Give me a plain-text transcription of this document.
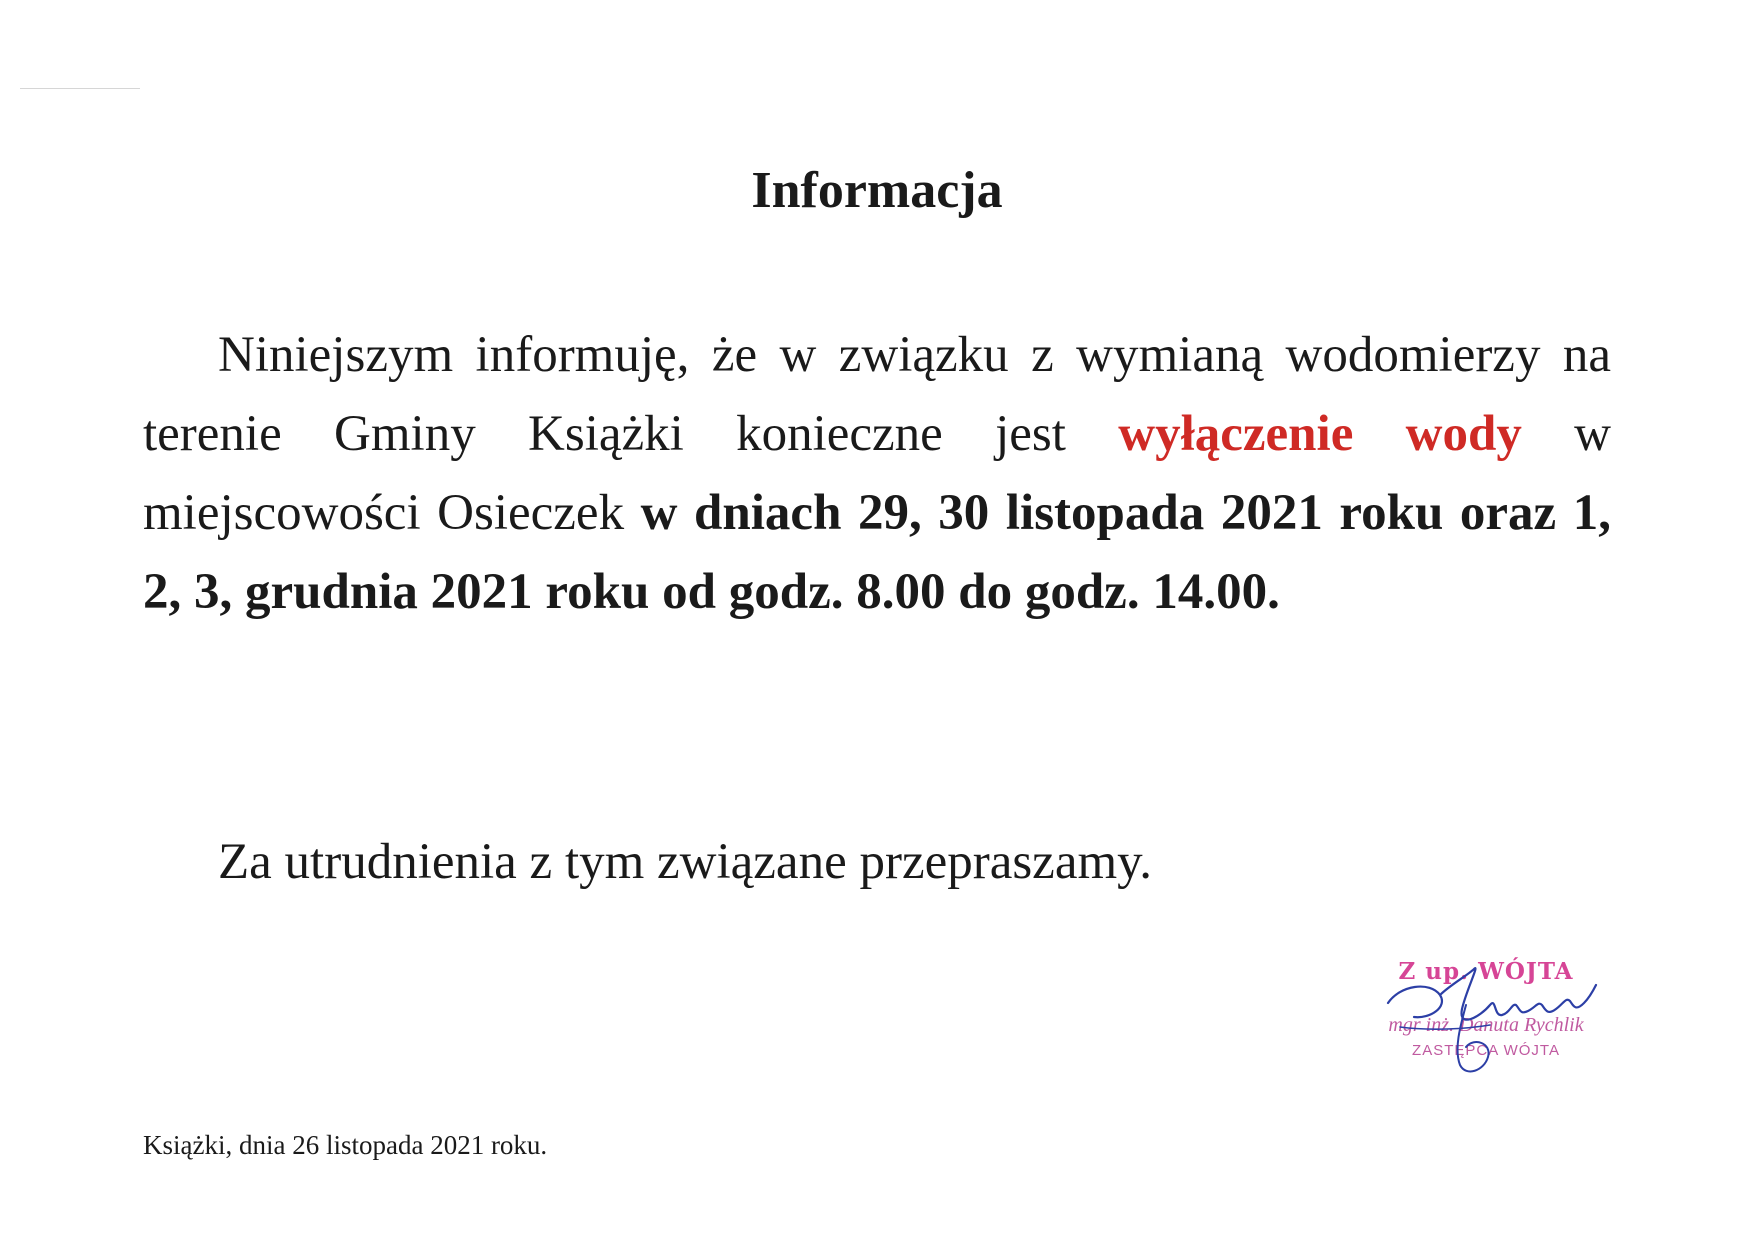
Informacja

Niniejszym informuję, że w związku z wymianą wodomierzy na terenie Gminy Książki konieczne jest wyłączenie wody w miejscowości Osieczek w dniach 29, 30 listopada 2021 roku oraz 1, 2, 3, grudnia 2021 roku od godz. 8.00 do godz. 14.00.

Za utrudnienia z tym związane przepraszamy.
Z up. WÓJTA
mgr inż. Danuta Rychlik
ZASTĘPCA WÓJTA
Książki, dnia 26 listopada 2021 roku.
